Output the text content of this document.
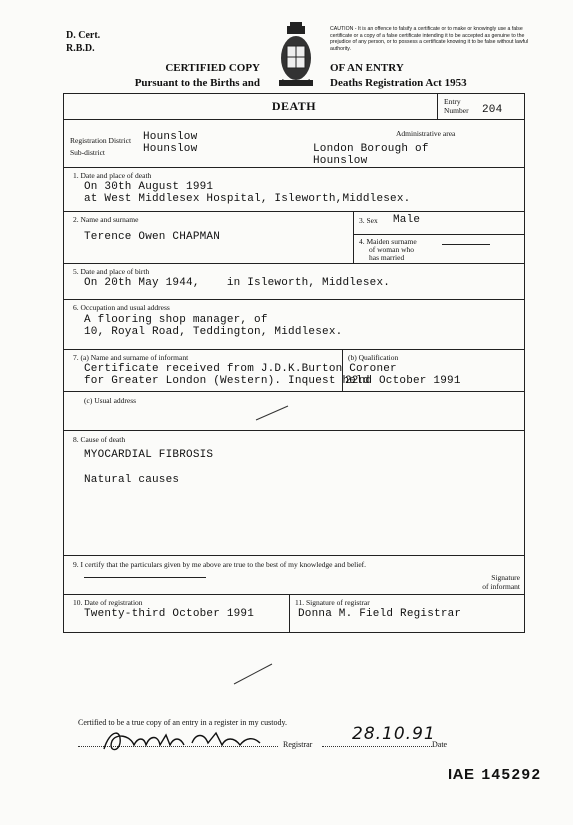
D. Cert.
R.B.D.
CAUTION - It is an offence to falsify a certificate or to make or knowingly use a false certificate or a copy of a false certificate intending it to be accepted as genuine to the prejudice of any person, or to possess a certificate knowing it to be false without lawful authority.
CERTIFIED COPY
Pursuant to the Births and
OF AN ENTRY
Deaths Registration Act 1953
DEATH	Entry
Number 204
Registration District Hounslow
Sub-district	Hounslow
Administrative area
London Borough of
Hounslow
1. Date and place of death
On 30th August 1991
at West Middlesex Hospital, Isleworth,Middlesex.
2. Name and surname
Terence Owen CHAPMAN
3. Sex Male
4. Maiden surname
of woman who
has married
5. Date and place of birth
On 20th May 1944,    in Isleworth, Middlesex.
6. Occupation and usual address
A flooring shop manager, of
10, Royal Road, Teddington, Middlesex.
7. (a) Name and surname of informant
Certificate received from J.D.K.Burton Coroner
for Greater London (Western). Inquest held
(b) Qualification
22nd October 1991
(c) Usual address
8. Cause of death
MYOCARDIAL FIBROSIS
Natural causes
9. I certify that the particulars given by me above are true to the best of my knowledge and belief.
Signature
of informant
10. Date of registration
Twenty-third October 1991
11. Signature of registrar
Donna M. Field Registrar
Certified to be a true copy of an entry in a register in my custody.
Registrar
28.10.91
Date
IAE 145292
